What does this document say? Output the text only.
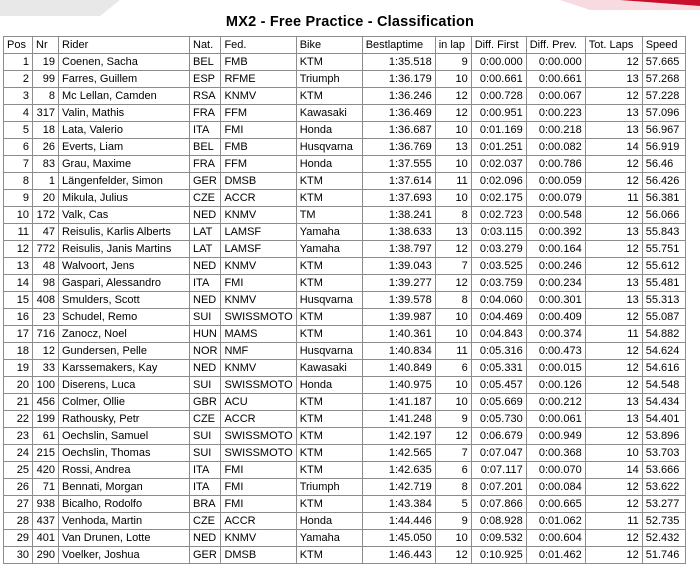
MX2 - Free Practice - Classification
Pos	Nr	Rider	Nat.	Fed.	Bike	Bestlaptime	in lap	Diff. First	Diff. Prev.	Tot. Laps	Speed
1	19	Coenen, Sacha	BEL	FMB	KTM	1:35.518	9	0:00.000	0:00.000	12	57.665
2	99	Farres, Guillem	ESP	RFME	Triumph	1:36.179	10	0:00.661	0:00.661	13	57.268
3	8	Mc Lellan, Camden	RSA	KNMV	KTM	1:36.246	12	0:00.728	0:00.067	12	57.228
4	317	Valin, Mathis	FRA	FFM	Kawasaki	1:36.469	12	0:00.951	0:00.223	13	57.096
5	18	Lata, Valerio	ITA	FMI	Honda	1:36.687	10	0:01.169	0:00.218	13	56.967
6	26	Everts, Liam	BEL	FMB	Husqvarna	1:36.769	13	0:01.251	0:00.082	14	56.919
7	83	Grau, Maxime	FRA	FFM	Honda	1:37.555	10	0:02.037	0:00.786	12	56.46
8	1	Längenfelder, Simon	GER	DMSB	KTM	1:37.614	11	0:02.096	0:00.059	12	56.426
9	20	Mikula, Julius	CZE	ACCR	KTM	1:37.693	10	0:02.175	0:00.079	11	56.381
10	172	Valk, Cas	NED	KNMV	TM	1:38.241	8	0:02.723	0:00.548	12	56.066
11	47	Reisulis, Karlis Alberts	LAT	LAMSF	Yamaha	1:38.633	13	0:03.115	0:00.392	13	55.843
12	772	Reisulis, Janis Martins	LAT	LAMSF	Yamaha	1:38.797	12	0:03.279	0:00.164	12	55.751
13	48	Walvoort, Jens	NED	KNMV	KTM	1:39.043	7	0:03.525	0:00.246	12	55.612
14	98	Gaspari, Alessandro	ITA	FMI	KTM	1:39.277	12	0:03.759	0:00.234	13	55.481
15	408	Smulders, Scott	NED	KNMV	Husqvarna	1:39.578	8	0:04.060	0:00.301	13	55.313
16	23	Schudel, Remo	SUI	SWISSMOTO	KTM	1:39.987	10	0:04.469	0:00.409	12	55.087
17	716	Zanocz, Noel	HUN	MAMS	KTM	1:40.361	10	0:04.843	0:00.374	11	54.882
18	12	Gundersen, Pelle	NOR	NMF	Husqvarna	1:40.834	11	0:05.316	0:00.473	12	54.624
19	33	Karssemakers, Kay	NED	KNMV	Kawasaki	1:40.849	6	0:05.331	0:00.015	12	54.616
20	100	Diserens, Luca	SUI	SWISSMOTO	Honda	1:40.975	10	0:05.457	0:00.126	12	54.548
21	456	Colmer, Ollie	GBR	ACU	KTM	1:41.187	10	0:05.669	0:00.212	13	54.434
22	199	Rathousky, Petr	CZE	ACCR	KTM	1:41.248	9	0:05.730	0:00.061	13	54.401
23	61	Oechslin, Samuel	SUI	SWISSMOTO	KTM	1:42.197	12	0:06.679	0:00.949	12	53.896
24	215	Oechslin, Thomas	SUI	SWISSMOTO	KTM	1:42.565	7	0:07.047	0:00.368	10	53.703
25	420	Rossi, Andrea	ITA	FMI	KTM	1:42.635	6	0:07.117	0:00.070	14	53.666
26	71	Bennati, Morgan	ITA	FMI	Triumph	1:42.719	8	0:07.201	0:00.084	12	53.622
27	938	Bicalho, Rodolfo	BRA	FMI	KTM	1:43.384	5	0:07.866	0:00.665	12	53.277
28	437	Venhoda, Martin	CZE	ACCR	Honda	1:44.446	9	0:08.928	0:01.062	11	52.735
29	401	Van Drunen, Lotte	NED	KNMV	Yamaha	1:45.050	10	0:09.532	0:00.604	12	52.432
30	290	Voelker, Joshua	GER	DMSB	KTM	1:46.443	12	0:10.925	0:01.462	12	51.746
